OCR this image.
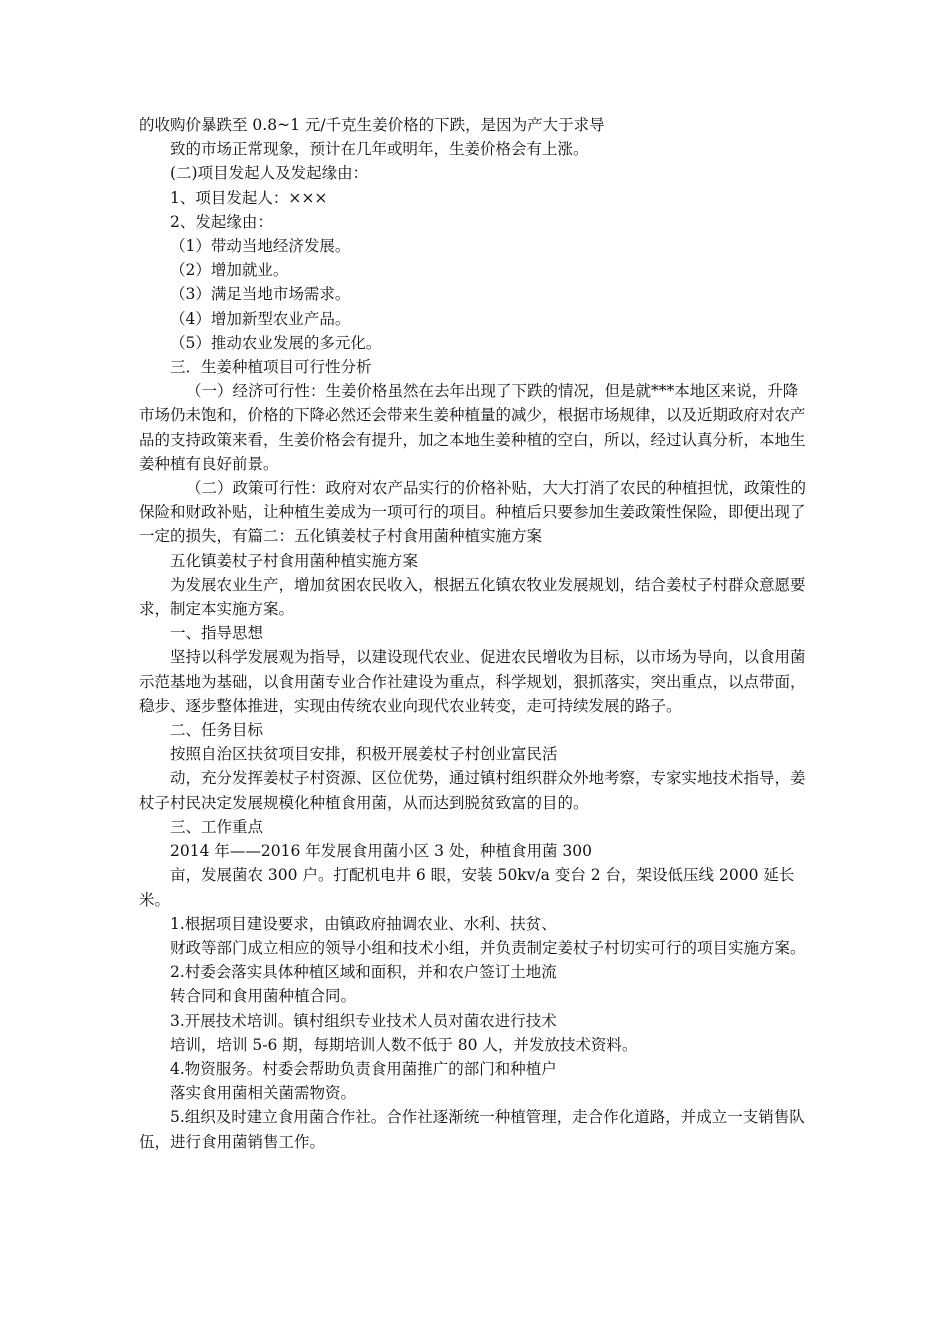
的收购价暴跌至 0.8~1 元/千克生姜价格的下跌，是因为产大于求导

致的市场正常现象，预计在几年或明年，生姜价格会有上涨。

(二)项目发起人及发起缘由：

1、项目发起人：×××

2、发起缘由：

（1）带动当地经济发展。

（2）增加就业。

（3）满足当地市场需求。

（4）增加新型农业产品。

（5）推动农业发展的多元化。

三．生姜种植项目可行性分析

（一）经济可行性：生姜价格虽然在去年出现了下跌的情况，但是就***本地区来说，升降市场仍未饱和，价格的下降必然还会带来生姜种植量的减少，根据市场规律，以及近期政府对农产品的支持政策来看，生姜价格会有提升，加之本地生姜种植的空白，所以，经过认真分析，本地生姜种植有良好前景。

（二）政策可行性：政府对农产品实行的价格补贴，大大打消了农民的种植担忧，政策性的保险和财政补贴，让种植生姜成为一项可行的项目。种植后只要参加生姜政策性保险，即便出现了一定的损失，有篇二：五化镇姜杖子村食用菌种植实施方案

五化镇姜杖子村食用菌种植实施方案

为发展农业生产，增加贫困农民收入，根据五化镇农牧业发展规划，结合姜杖子村群众意愿要求，制定本实施方案。

一、指导思想

坚持以科学发展观为指导，以建设现代农业、促进农民增收为目标，以市场为导向，以食用菌示范基地为基础，以食用菌专业合作社建设为重点，科学规划，狠抓落实，突出重点，以点带面，稳步、逐步整体推进，实现由传统农业向现代农业转变，走可持续发展的路子。

二、任务目标

按照自治区扶贫项目安排，积极开展姜杖子村创业富民活

动，充分发挥姜杖子村资源、区位优势，通过镇村组织群众外地考察，专家实地技术指导，姜杖子村民决定发展规模化种植食用菌，从而达到脱贫致富的目的。

三、工作重点

2014 年——2016 年发展食用菌小区 3 处，种植食用菌 300

亩，发展菌农 300 户。打配机电井 6 眼，安装 50kv/a 变台 2 台，架设低压线 2000 延长米。

1.根据项目建设要求，由镇政府抽调农业、水利、扶贫、

财政等部门成立相应的领导小组和技术小组，并负责制定姜杖子村切实可行的项目实施方案。

2.村委会落实具体种植区域和面积，并和农户签订土地流

转合同和食用菌种植合同。

3.开展技术培训。镇村组织专业技术人员对菌农进行技术

培训，培训 5-6 期，每期培训人数不低于 80 人，并发放技术资料。

4.物资服务。村委会帮助负责食用菌推广的部门和种植户

落实食用菌相关菌需物资。

5.组织及时建立食用菌合作社。合作社逐渐统一种植管理，走合作化道路，并成立一支销售队伍，进行食用菌销售工作。
